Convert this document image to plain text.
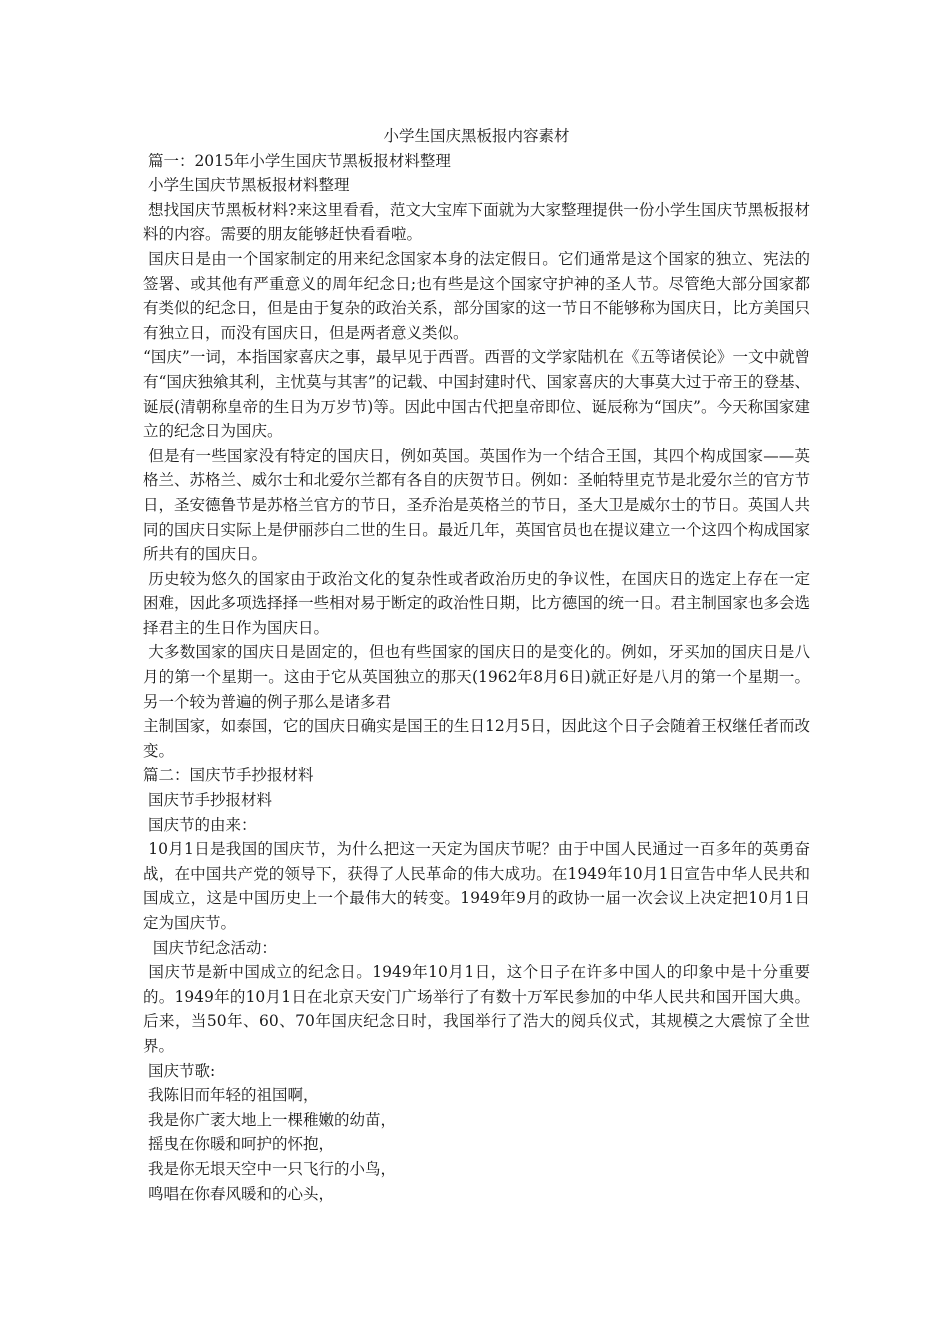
小学生国庆黑板报内容素材

篇一：2015年小学生国庆节黑板报材料整理

小学生国庆节黑板报材料整理

想找国庆节黑板材料?来这里看看，范文大宝库下面就为大家整理提供一份小学生国庆节黑板报材料的内容。需要的朋友能够赶快看看啦。

国庆日是由一个国家制定的用来纪念国家本身的法定假日。它们通常是这个国家的独立、宪法的签署、或其他有严重意义的周年纪念日;也有些是这个国家守护神的圣人节。尽管绝大部分国家都有类似的纪念日，但是由于复杂的政治关系，部分国家的这一节日不能够称为国庆日，比方美国只有独立日，而没有国庆日，但是两者意义类似。

“国庆”一词，本指国家喜庆之事，最早见于西晋。西晋的文学家陆机在《五等诸侯论》一文中就曾有“国庆独飨其利，主忧莫与其害”的记载、中国封建时代、国家喜庆的大事莫大过于帝王的登基、诞辰(清朝称皇帝的生日为万岁节)等。因此中国古代把皇帝即位、诞辰称为“国庆”。今天称国家建立的纪念日为国庆。

但是有一些国家没有特定的国庆日，例如英国。英国作为一个结合王国，其四个构成国家——英格兰、苏格兰、威尔士和北爱尔兰都有各自的庆贺节日。例如：圣帕特里克节是北爱尔兰的官方节日，圣安德鲁节是苏格兰官方的节日，圣乔治是英格兰的节日，圣大卫是威尔士的节日。英国人共同的国庆日实际上是伊丽莎白二世的生日。最近几年，英国官员也在提议建立一个这四个构成国家所共有的国庆日。

历史较为悠久的国家由于政治文化的复杂性或者政治历史的争议性，在国庆日的选定上存在一定困难，因此多项选择择一些相对易于断定的政治性日期，比方德国的统一日。君主制国家也多会选择君主的生日作为国庆日。

大多数国家的国庆日是固定的，但也有些国家的国庆日的是变化的。例如，牙买加的国庆日是八月的第一个星期一。这由于它从英国独立的那天(1962年8月6日)就正好是八月的第一个星期一。另一个较为普遍的例子那么是诸多君

主制国家，如泰国，它的国庆日确实是国王的生日12月5日，因此这个日子会随着王权继任者而改变。

篇二：国庆节手抄报材料

国庆节手抄报材料

国庆节的由来：

10月1日是我国的国庆节，为什么把这一天定为国庆节呢？由于中国人民通过一百多年的英勇奋战，在中国共产党的领导下，获得了人民革命的伟大成功。在1949年10月1日宣告中华人民共和国成立，这是中国历史上一个最伟大的转变。1949年9月的政协一届一次会议上决定把10月1日定为国庆节。

国庆节纪念活动：

国庆节是新中国成立的纪念日。1949年10月1日，这个日子在许多中国人的印象中是十分重要的。1949年的10月1日在北京天安门广场举行了有数十万军民参加的中华人民共和国开国大典。后来，当50年、60、70年国庆纪念日时，我国举行了浩大的阅兵仪式，其规模之大震惊了全世界。

国庆节歌:

我陈旧而年轻的祖国啊，

我是你广袤大地上一棵稚嫩的幼苗，

摇曳在你暖和呵护的怀抱，

我是你无垠天空中一只飞行的小鸟，

鸣唱在你春风暖和的心头，
